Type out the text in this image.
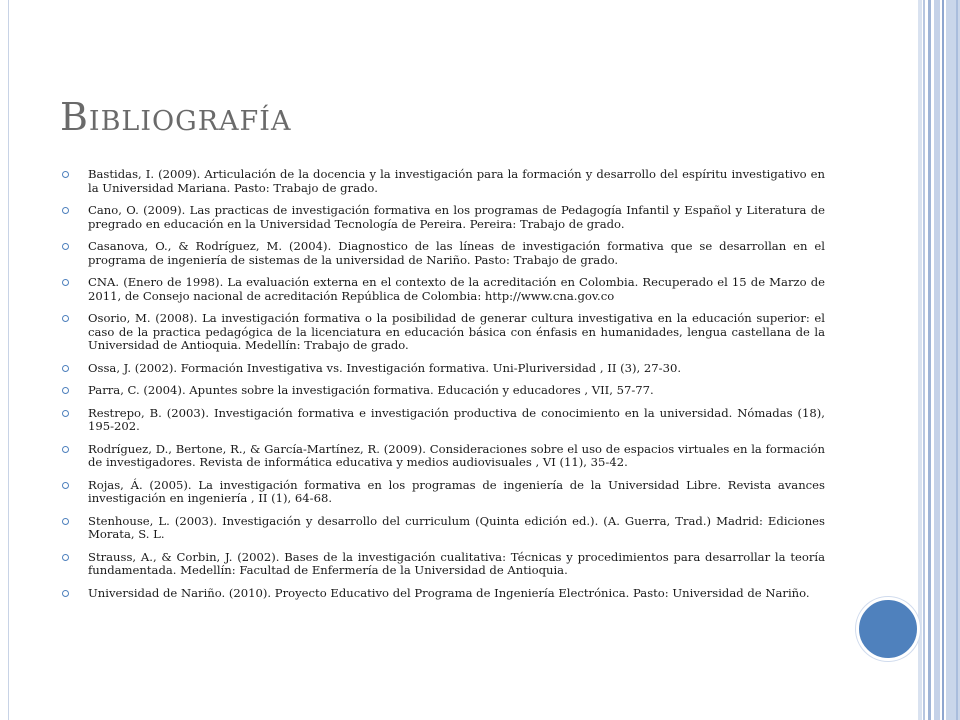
Bibliografía
Bastidas, I. (2009). Articulación de la docencia y la investigación para la formación y desarrollo del espíritu investigativo en la Universidad Mariana. Pasto: Trabajo de grado.
Cano, O. (2009). Las practicas de investigación formativa en los programas de Pedagogía Infantil y Español y Literatura de pregrado en educación en la Universidad Tecnología de Pereira. Pereira: Trabajo de grado.
Casanova, O., & Rodríguez, M. (2004). Diagnostico de las líneas de investigación formativa que se desarrollan en el programa de ingeniería de sistemas de la universidad de Nariño. Pasto: Trabajo de grado.
CNA. (Enero de 1998). La evaluación externa en el contexto de la acreditación en Colombia. Recuperado el 15 de Marzo de 2011, de Consejo nacional de acreditación República de Colombia: http://www.cna.gov.co
Osorio, M. (2008). La investigación formativa o la posibilidad de generar cultura investigativa en la educación superior: el caso de la practica pedagógica de la licenciatura en educación básica con énfasis en humanidades, lengua castellana de la Universidad de Antioquia. Medellín: Trabajo de grado.
Ossa, J. (2002). Formación Investigativa vs. Investigación formativa. Uni-Pluriversidad , II (3), 27-30.
Parra, C. (2004). Apuntes sobre la investigación formativa. Educación y educadores , VII, 57-77.
Restrepo, B. (2003). Investigación formativa e investigación productiva de conocimiento en la universidad. Nómadas (18), 195-202.
Rodríguez, D., Bertone, R., & García-Martínez, R. (2009). Consideraciones sobre el uso de espacios virtuales en la formación de investigadores. Revista de informática educativa y medios audiovisuales , VI (11), 35-42.
Rojas, Á. (2005). La investigación formativa en los programas de ingeniería de la Universidad Libre. Revista avances investigación en ingeniería , II (1), 64-68.
Stenhouse, L. (2003). Investigación y desarrollo del curriculum (Quinta edición ed.). (A. Guerra, Trad.) Madrid: Ediciones Morata, S. L.
Strauss, A., & Corbin, J. (2002). Bases de la investigación cualitativa: Técnicas y procedimientos para desarrollar la teoría fundamentada. Medellín: Facultad de Enfermería de la Universidad de Antioquia.
Universidad de Nariño. (2010). Proyecto Educativo del Programa de Ingeniería Electrónica. Pasto: Universidad de Nariño.
